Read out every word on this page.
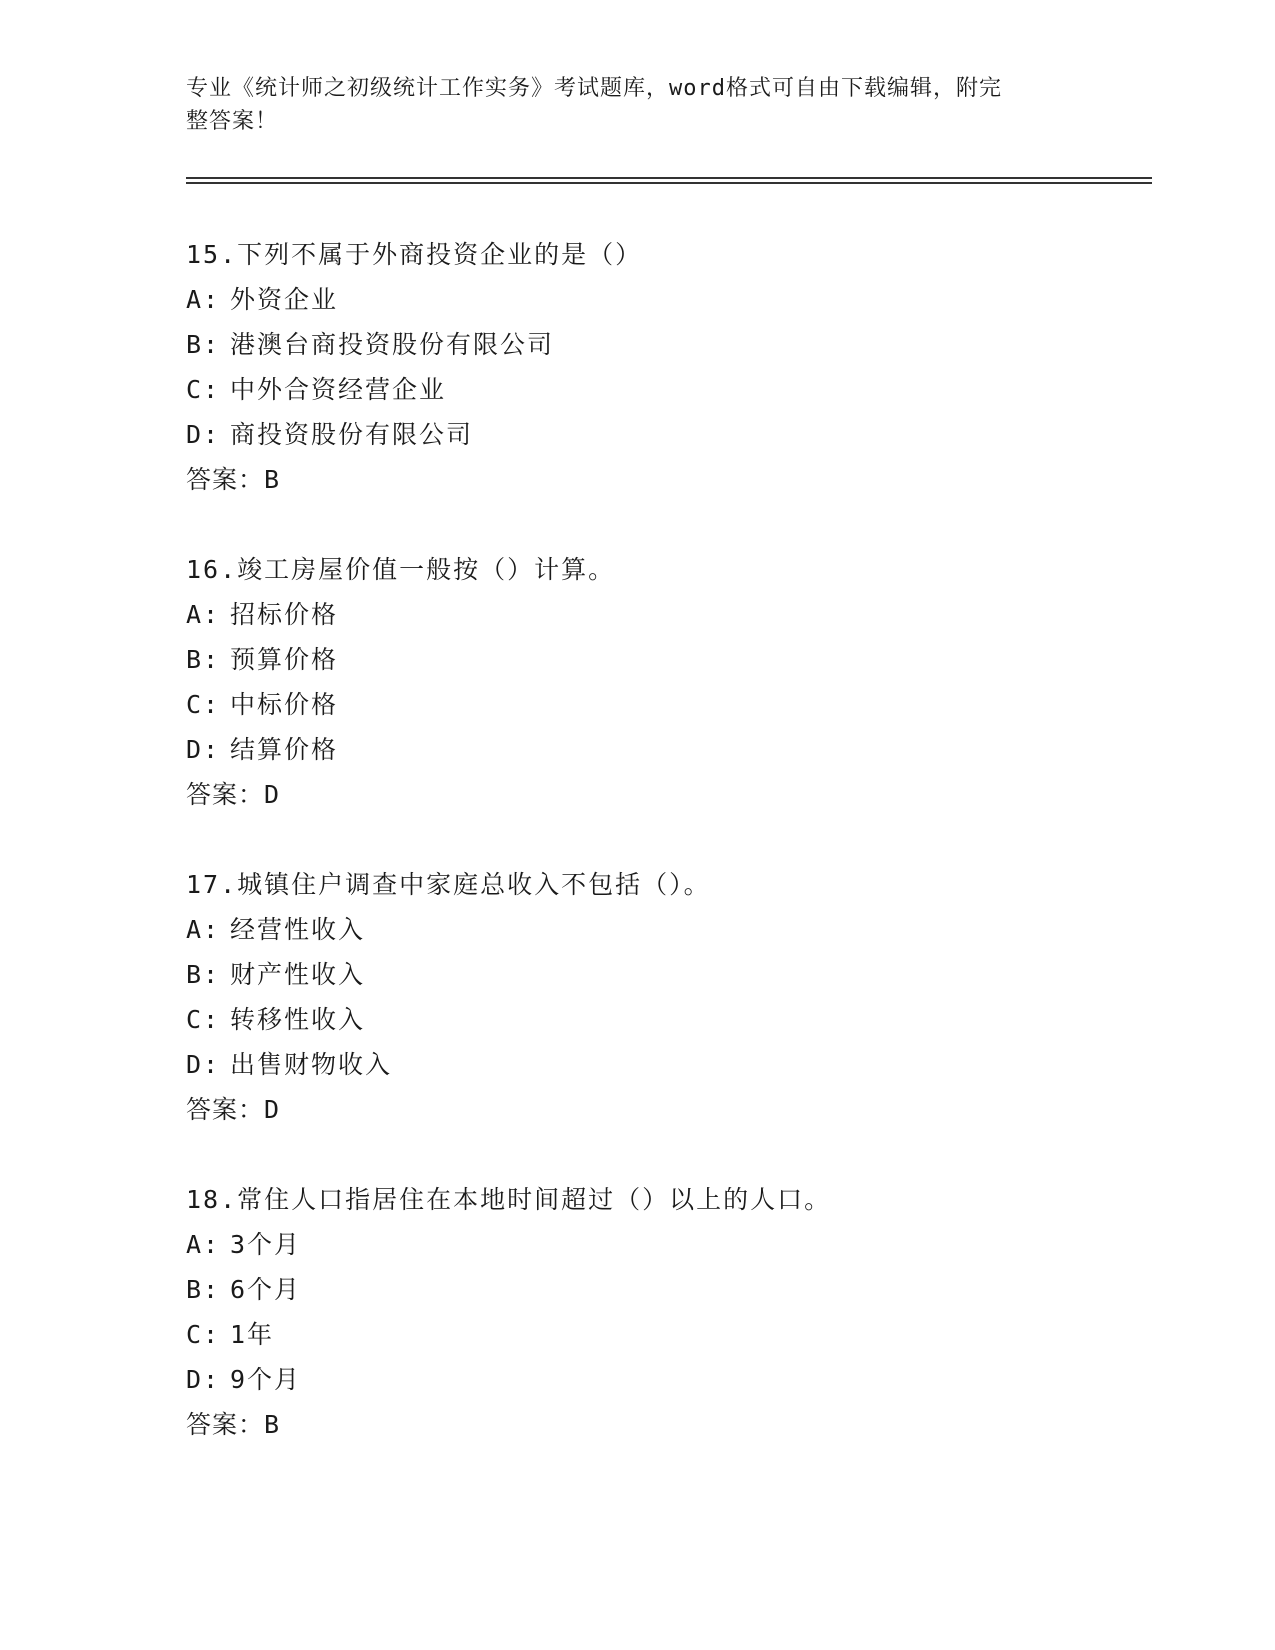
专业《统计师之初级统计工作实务》考试题库，word格式可自由下载编辑，附完
整答案！
15.下列不属于外商投资企业的是（）
A: 外资企业
B: 港澳台商投资股份有限公司
C: 中外合资经营企业
D: 商投资股份有限公司
答案：B
16.竣工房屋价值一般按（）计算。
A: 招标价格
B: 预算价格
C: 中标价格
D: 结算价格
答案：D
17.城镇住户调查中家庭总收入不包括（）。
A: 经营性收入
B: 财产性收入
C: 转移性收入
D: 出售财物收入
答案：D
18.常住人口指居住在本地时间超过（）以上的人口。
A: 3个月
B: 6个月
C: 1年
D: 9个月
答案：B
